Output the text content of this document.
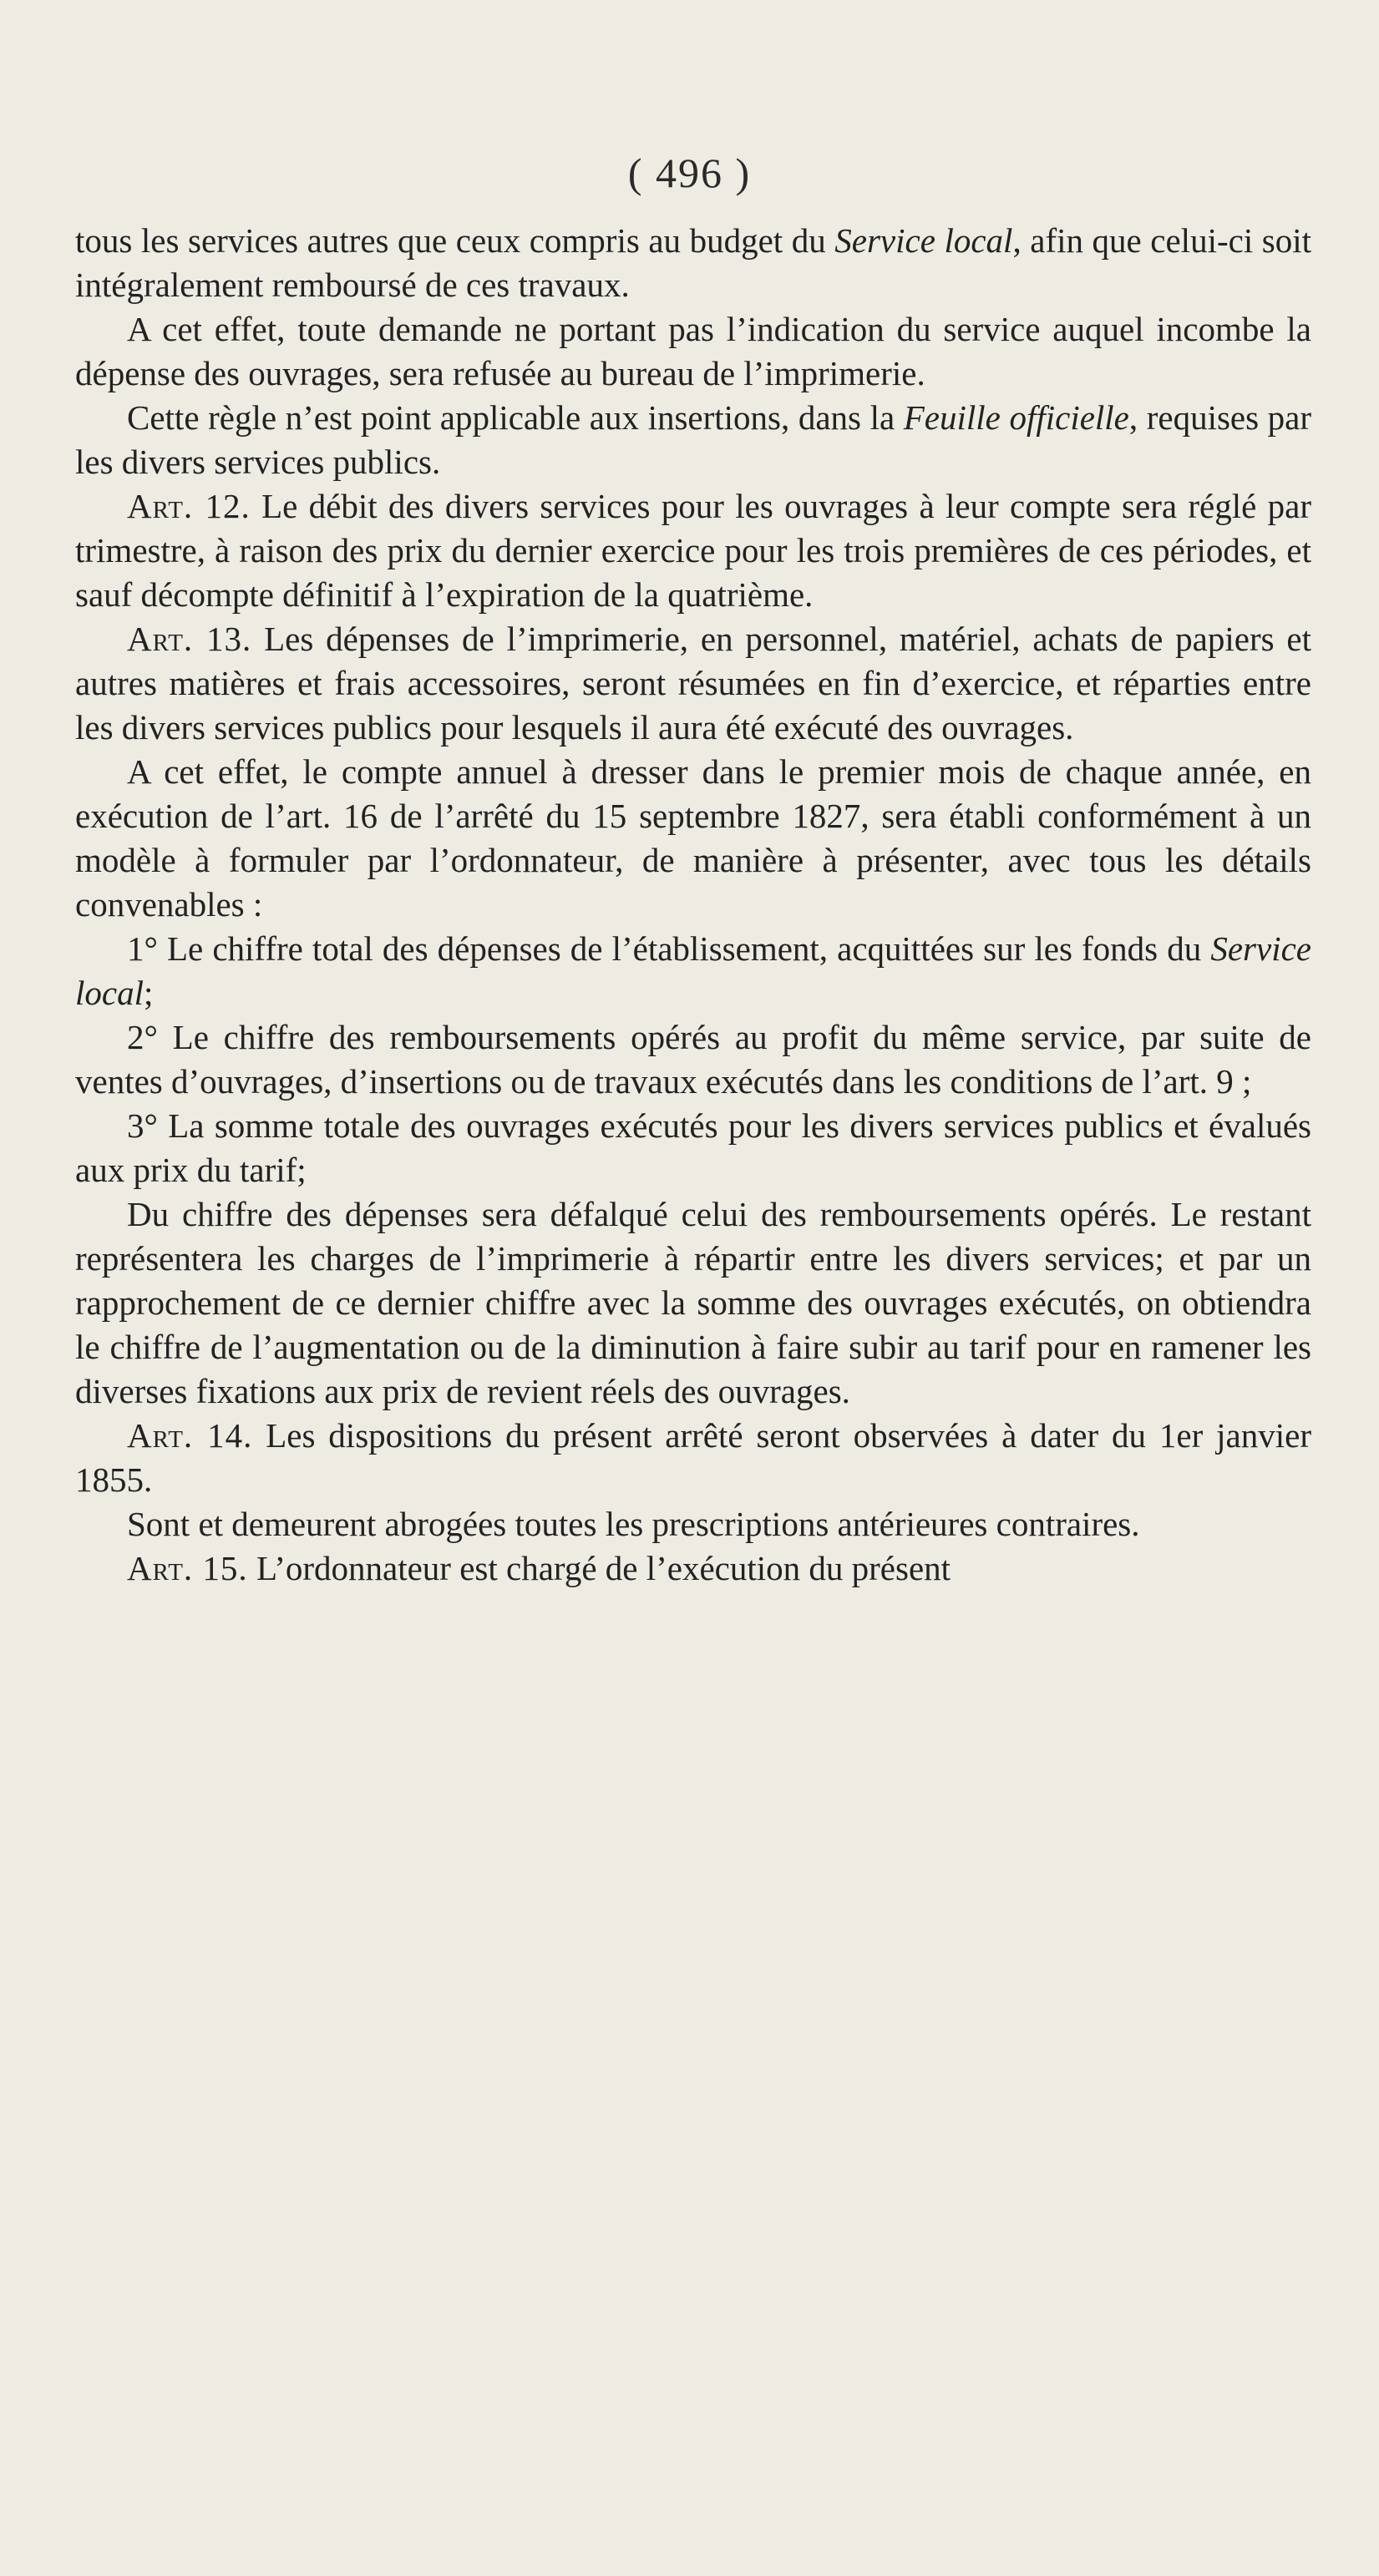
( 496 )

tous les services autres que ceux compris au budget du Service local, afin que celui-ci soit intégralement remboursé de ces travaux.

A cet effet, toute demande ne portant pas l’indication du service auquel incombe la dépense des ouvrages, sera refusée au bureau de l’imprimerie.

Cette règle n’est point applicable aux insertions, dans la Feuille officielle, requises par les divers services publics.

Art. 12. Le débit des divers services pour les ouvrages à leur compte sera réglé par trimestre, à raison des prix du dernier exercice pour les trois premières de ces périodes, et sauf décompte définitif à l’expiration de la quatrième.

Art. 13. Les dépenses de l’imprimerie, en personnel, matériel, achats de papiers et autres matières et frais accessoires, seront résumées en fin d’exercice, et réparties entre les divers services publics pour lesquels il aura été exécuté des ouvrages.

A cet effet, le compte annuel à dresser dans le premier mois de chaque année, en exécution de l’art. 16 de l’arrêté du 15 septembre 1827, sera établi conformément à un modèle à formuler par l’ordonnateur, de manière à présenter, avec tous les détails convenables :

1° Le chiffre total des dépenses de l’établissement, acquittées sur les fonds du Service local;

2° Le chiffre des remboursements opérés au profit du même service, par suite de ventes d’ouvrages, d’insertions ou de travaux exécutés dans les conditions de l’art. 9 ;

3° La somme totale des ouvrages exécutés pour les divers services publics et évalués aux prix du tarif;

Du chiffre des dépenses sera défalqué celui des remboursements opérés. Le restant représentera les charges de l’imprimerie à répartir entre les divers services; et par un rapprochement de ce dernier chiffre avec la somme des ouvrages exécutés, on obtiendra le chiffre de l’augmentation ou de la diminution à faire subir au tarif pour en ramener les diverses fixations aux prix de revient réels des ouvrages.

Art. 14. Les dispositions du présent arrêté seront observées à dater du 1er janvier 1855.

Sont et demeurent abrogées toutes les prescriptions antérieures contraires.

Art. 15. L’ordonnateur est chargé de l’exécution du présent
